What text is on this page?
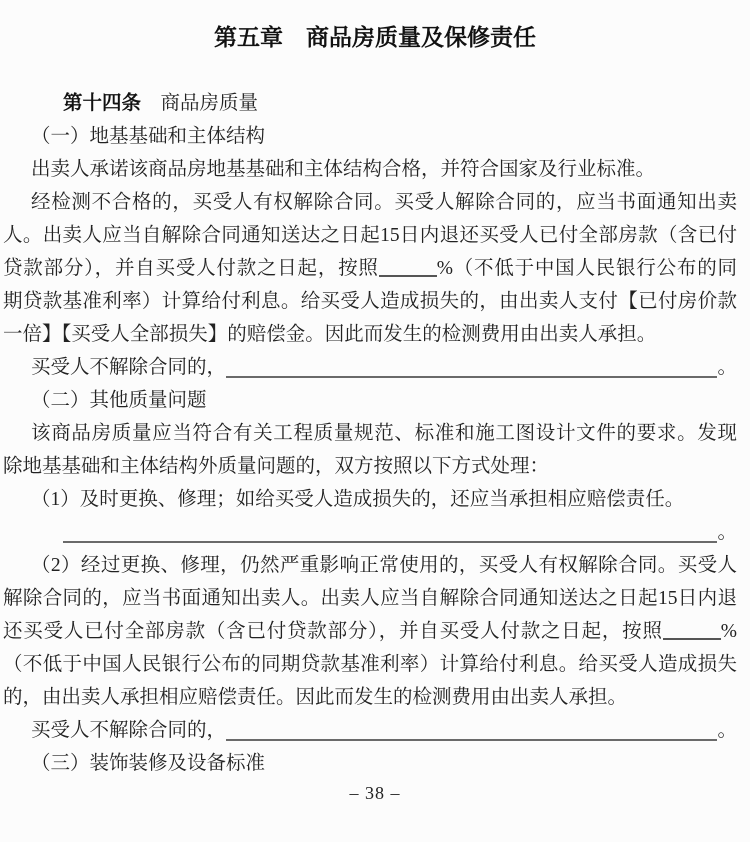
第五章　商品房质量及保修责任
第十四条　商品房质量
（一）地基基础和主体结构
出卖人承诺该商品房地基基础和主体结构合格，并符合国家及行业标准。
经检测不合格的，买受人有权解除合同。买受人解除合同的，应当书面通知出卖
人。出卖人应当自解除合同通知送达之日起15日内退还买受人已付全部房款（含已付
贷款部分），并自买受人付款之日起，按照	%（不低于中国人民银行公布的同
期贷款基准利率）计算给付利息。给买受人造成损失的，由出卖人支付【已付房价款
一倍】【买受人全部损失】的赔偿金。因此而发生的检测费用由出卖人承担。
买受人不解除合同的，	。
（二）其他质量问题
该商品房质量应当符合有关工程质量规范、标准和施工图设计文件的要求。发现
除地基基础和主体结构外质量问题的，双方按照以下方式处理：
（1）及时更换、修理；如给买受人造成损失的，还应当承担相应赔偿责任。
。
（2）经过更换、修理，仍然严重影响正常使用的，买受人有权解除合同。买受人
解除合同的，应当书面通知出卖人。出卖人应当自解除合同通知送达之日起15日内退
还买受人已付全部房款（含已付贷款部分），并自买受人付款之日起，按照	%
（不低于中国人民银行公布的同期贷款基准利率）计算给付利息。给买受人造成损失
的，由出卖人承担相应赔偿责任。因此而发生的检测费用由出卖人承担。
买受人不解除合同的，	。
（三）装饰装修及设备标准
– 38 –
